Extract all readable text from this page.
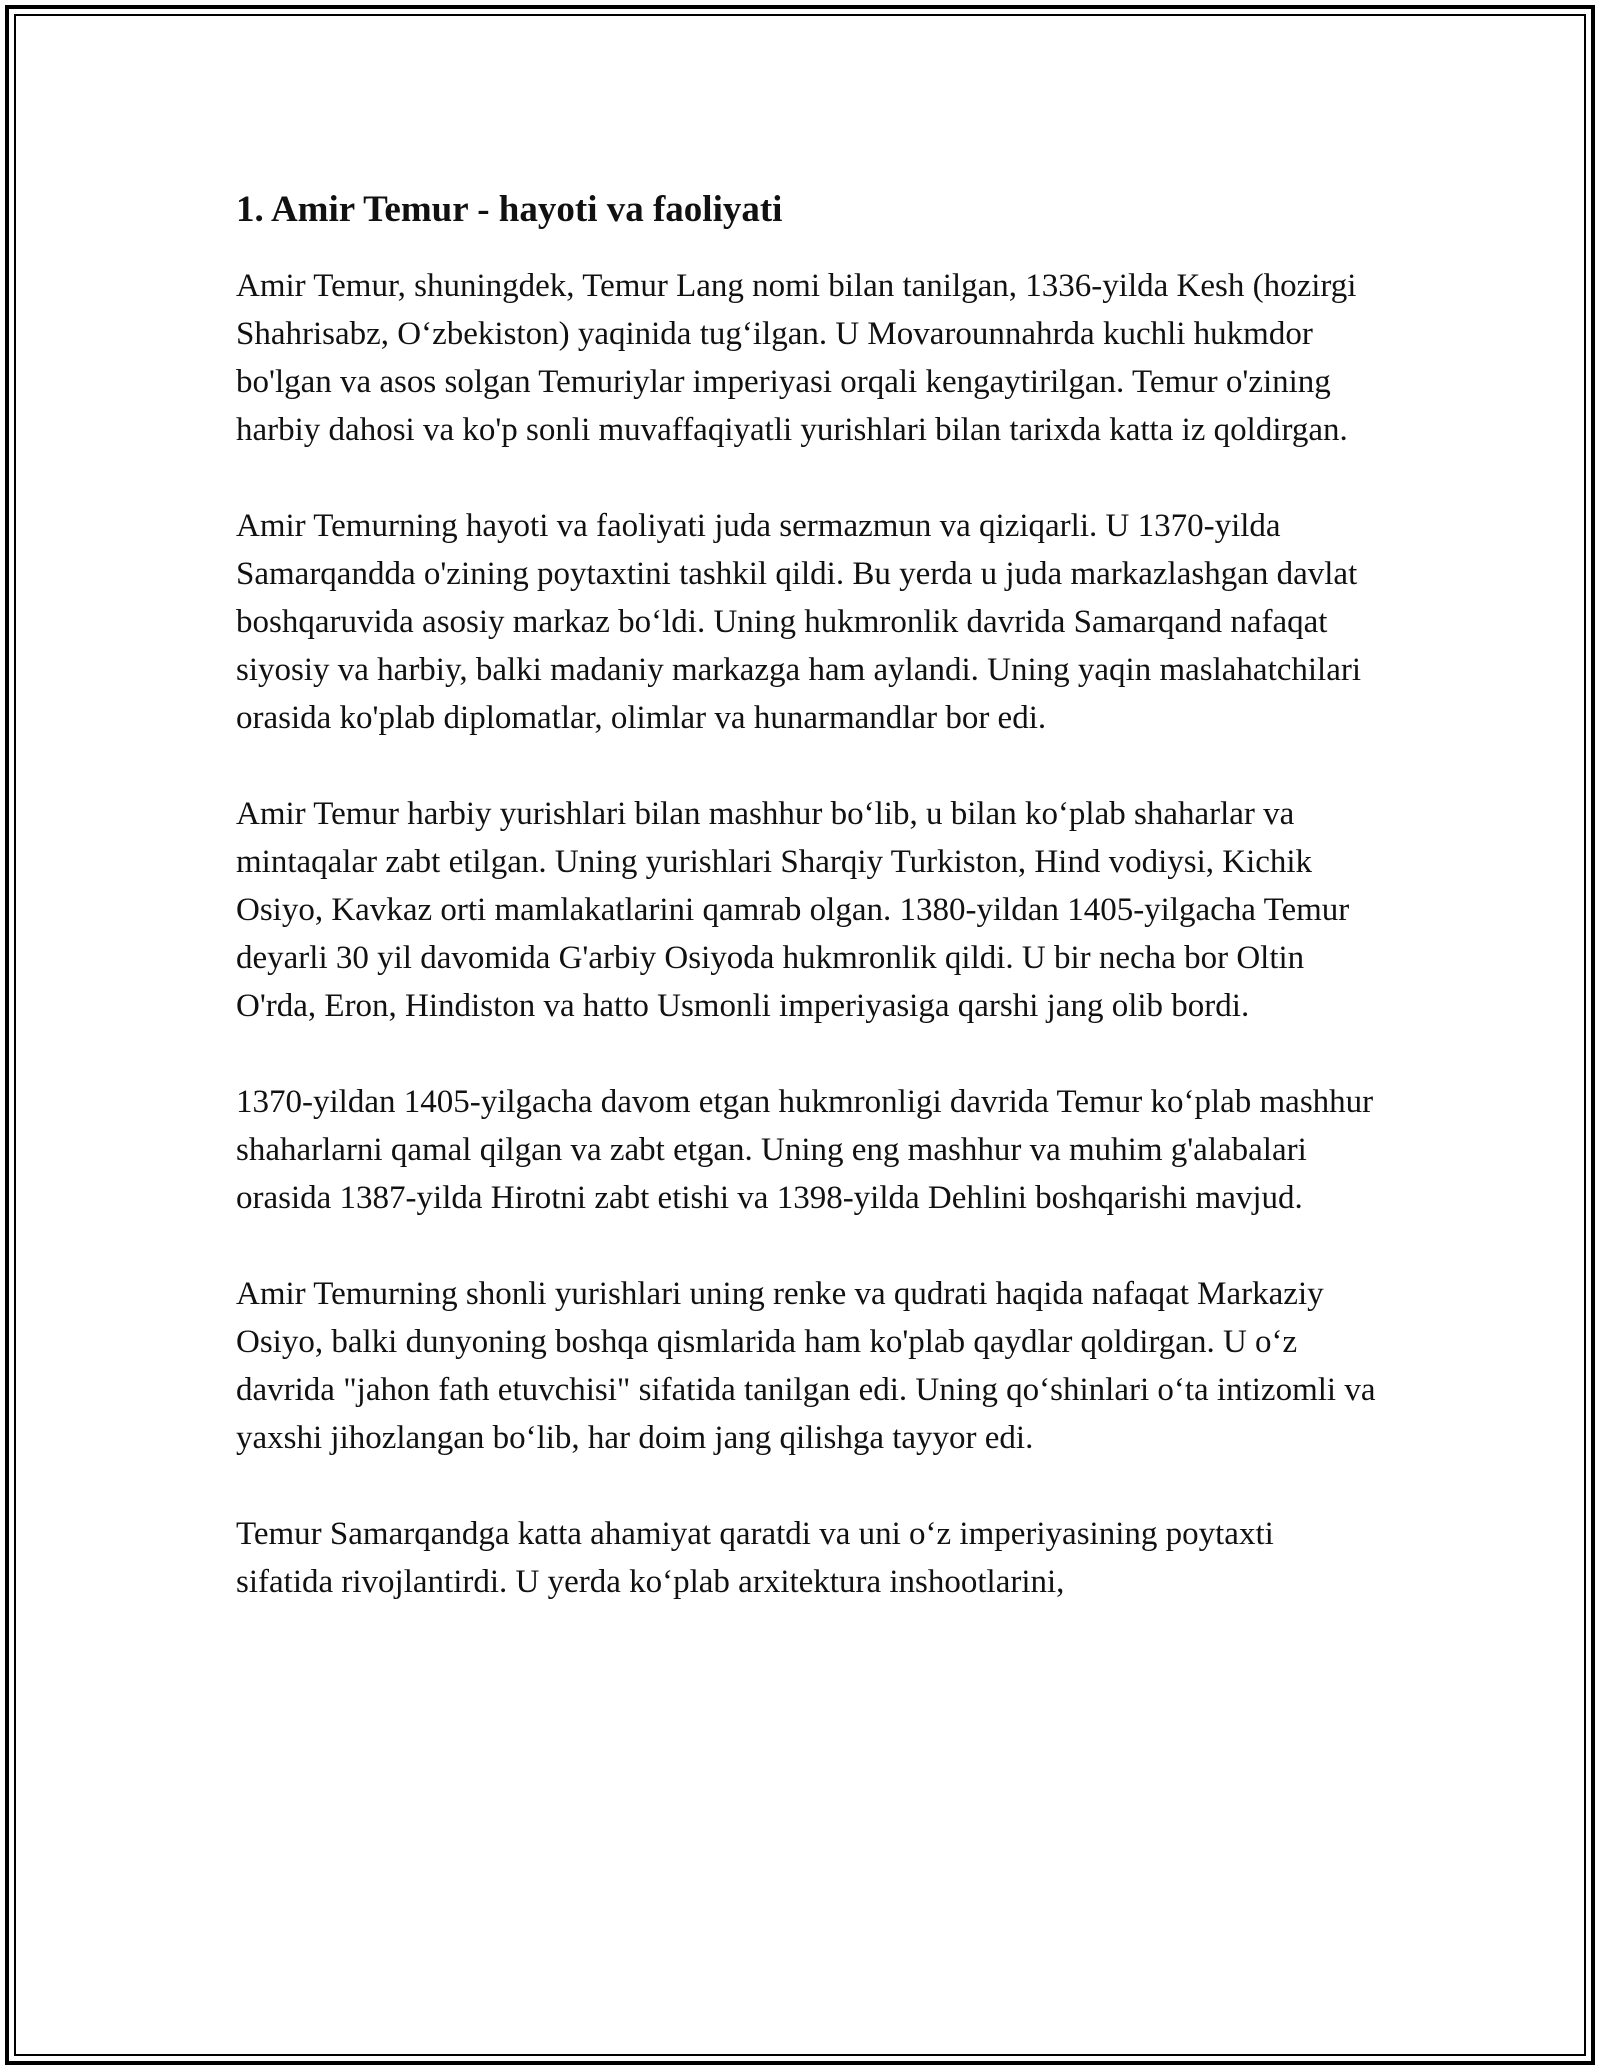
1. Amir Temur - hayoti va faoliyati

Amir Temur, shuningdek, Temur Lang nomi bilan tanilgan, 1336-yilda Kesh (hozirgi Shahrisabz, O‘zbekiston) yaqinida tug‘ilgan. U Movarounnahrda kuchli hukmdor bo'lgan va asos solgan Temuriylar imperiyasi orqali kengaytirilgan. Temur o'zining harbiy dahosi va ko'p sonli muvaffaqiyatli yurishlari bilan tarixda katta iz qoldirgan.

Amir Temurning hayoti va faoliyati juda sermazmun va qiziqarli. U 1370-yilda Samarqandda o'zining poytaxtini tashkil qildi. Bu yerda u juda markazlashgan davlat boshqaruvida asosiy markaz bo‘ldi. Uning hukmronlik davrida Samarqand nafaqat siyosiy va harbiy, balki madaniy markazga ham aylandi. Uning yaqin maslahatchilari orasida ko'plab diplomatlar, olimlar va hunarmandlar bor edi.

Amir Temur harbiy yurishlari bilan mashhur bo‘lib, u bilan ko‘plab shaharlar va mintaqalar zabt etilgan. Uning yurishlari Sharqiy Turkiston, Hind vodiysi, Kichik Osiyo, Kavkaz orti mamlakatlarini qamrab olgan. 1380-yildan 1405-yilgacha Temur deyarli 30 yil davomida G'arbiy Osiyoda hukmronlik qildi. U bir necha bor Oltin O'rda, Eron, Hindiston va hatto Usmonli imperiyasiga qarshi jang olib bordi.

1370-yildan 1405-yilgacha davom etgan hukmronligi davrida Temur ko‘plab mashhur shaharlarni qamal qilgan va zabt etgan. Uning eng mashhur va muhim g'alabalari orasida 1387-yilda Hirotni zabt etishi va 1398-yilda Dehlini boshqarishi mavjud.

Amir Temurning shonli yurishlari uning renke va qudrati haqida nafaqat Markaziy Osiyo, balki dunyoning boshqa qismlarida ham ko'plab qaydlar qoldirgan. U o‘z davrida "jahon fath etuvchisi" sifatida tanilgan edi. Uning qo‘shinlari o‘ta intizomli va yaxshi jihozlangan bo‘lib, har doim jang qilishga tayyor edi.

Temur Samarqandga katta ahamiyat qaratdi va uni o‘z imperiyasining poytaxti sifatida rivojlantirdi. U yerda ko‘plab arxitektura inshootlarini,
